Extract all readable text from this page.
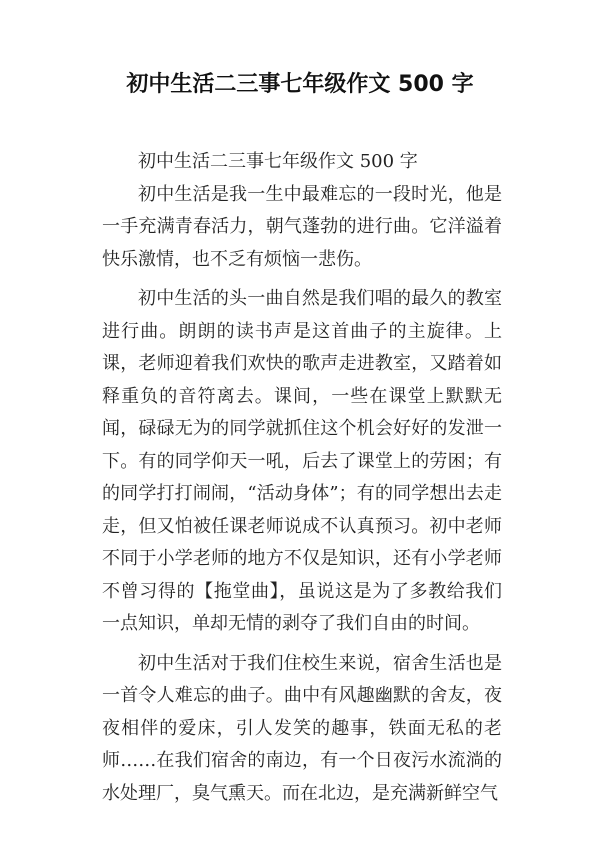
初中生活二三事七年级作文 500 字

初中生活二三事七年级作文 500 字

初中生活是我一生中最难忘的一段时光，他是一手充满青春活力，朝气蓬勃的进行曲。它洋溢着快乐激情，也不乏有烦恼一悲伤。

初中生活的头一曲自然是我们唱的最久的教室进行曲。朗朗的读书声是这首曲子的主旋律。上课，老师迎着我们欢快的歌声走进教室，又踏着如释重负的音符离去。课间，一些在课堂上默默无闻，碌碌无为的同学就抓住这个机会好好的发泄一下。有的同学仰天一吼，后去了课堂上的劳困；有的同学打打闹闹，“活动身体”；有的同学想出去走走，但又怕被任课老师说成不认真预习。初中老师不同于小学老师的地方不仅是知识，还有小学老师不曾习得的【拖堂曲】，虽说这是为了多教给我们一点知识，单却无情的剥夺了我们自由的时间。

初中生活对于我们住校生来说，宿舍生活也是一首令人难忘的曲子。曲中有风趣幽默的舍友，夜夜相伴的爱床，引人发笑的趣事，铁面无私的老师……在我们宿舍的南边，有一个日夜污水流淌的水处理厂，臭气熏天。而在北边，是充满新鲜空气
